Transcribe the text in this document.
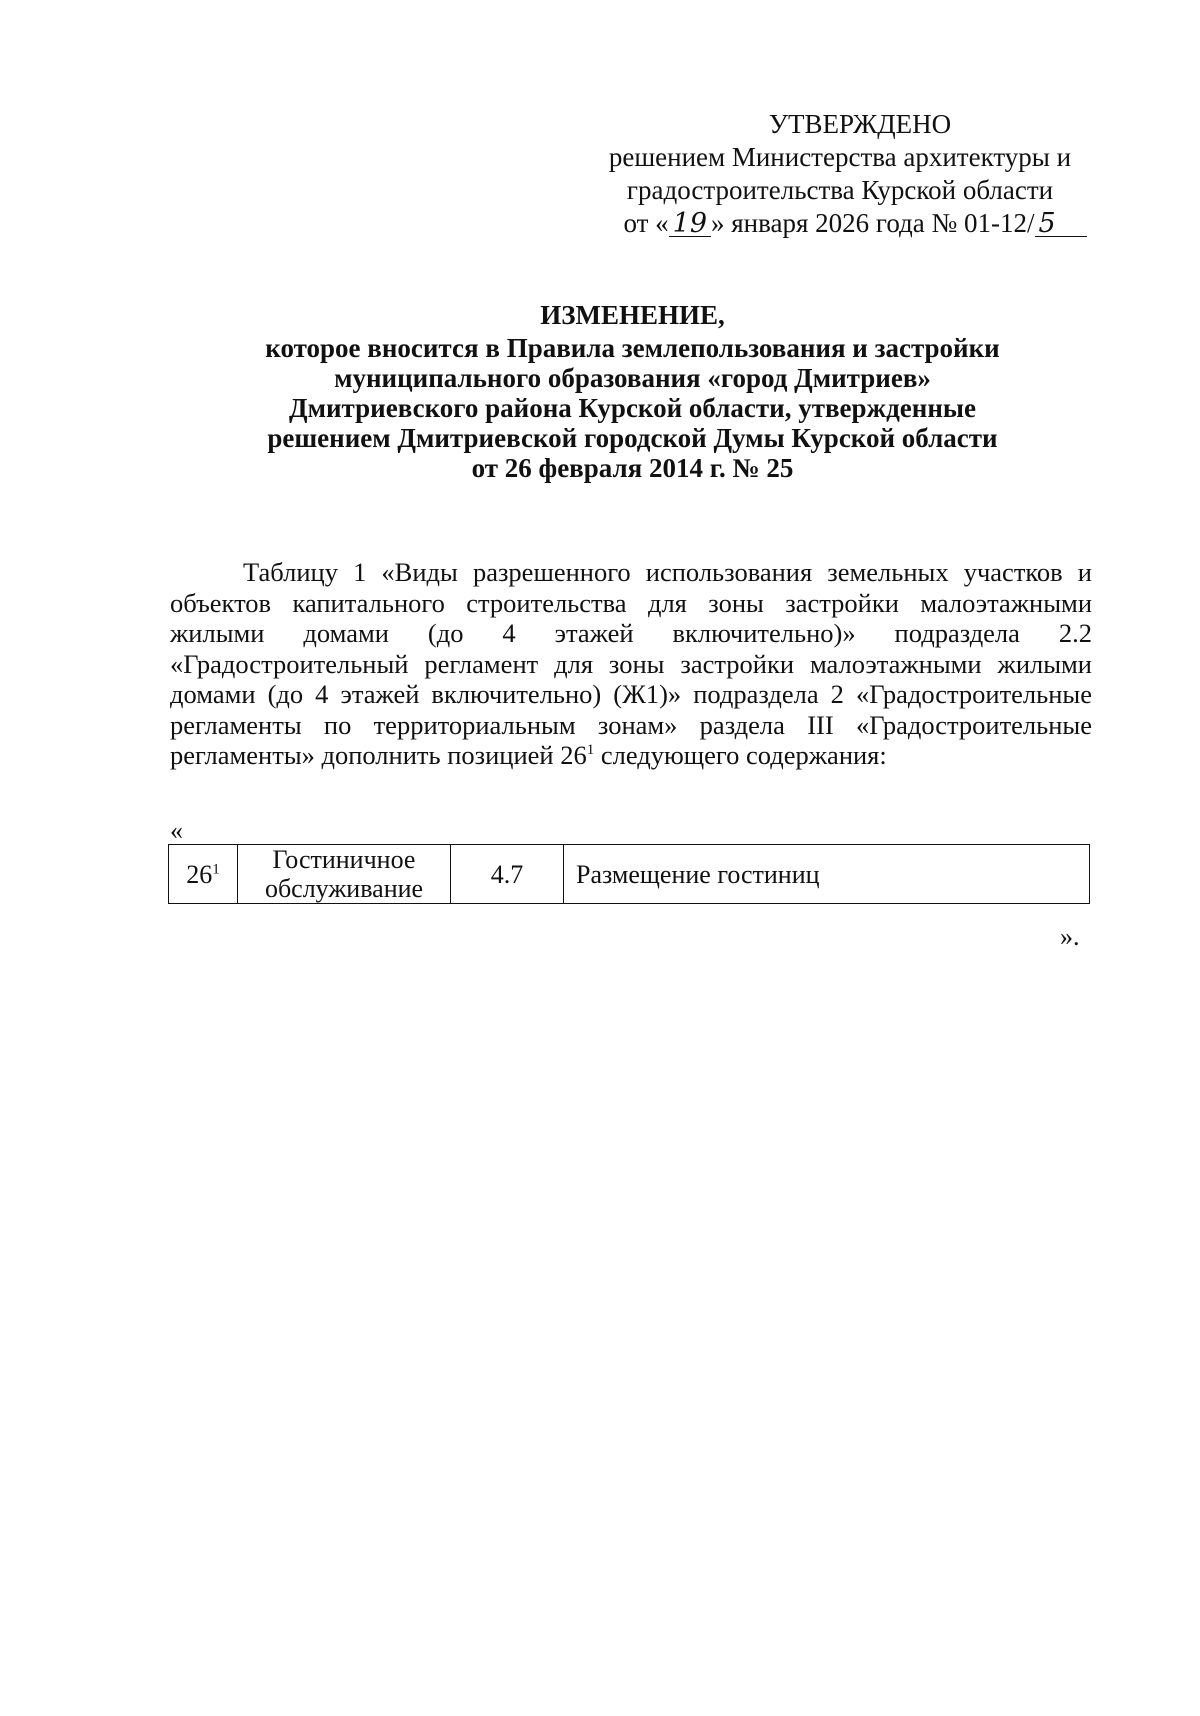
УТВЕРЖДЕНО
решением Министерства архитектуры и
градостроительства Курской области
от « 19 » января 2026 года № 01-12/ 5
ИЗМЕНЕНИЕ,
которое вносится в Правила землепользования и застройки
муниципального образования «город Дмитриев»
Дмитриевского района Курской области, утвержденные
решением Дмитриевской городской Думы Курской области
от 26 февраля 2014 г. № 25

Таблицу 1 «Виды разрешенного использования земельных участков и объектов капитального строительства для зоны застройки малоэтажными жилыми домами (до 4 этажей включительно)» подраздела 2.2 «Градостроительный регламент для зоны застройки малоэтажными жилыми домами (до 4 этажей включительно) (Ж1)» подраздела 2 «Градостроительные регламенты по территориальным зонам» раздела III «Градостроительные регламенты» дополнить позицией $26^1$ следующего содержания:

«
$26^1$	Гостиничное
обслуживание	4.7	Размещение гостиниц
».
